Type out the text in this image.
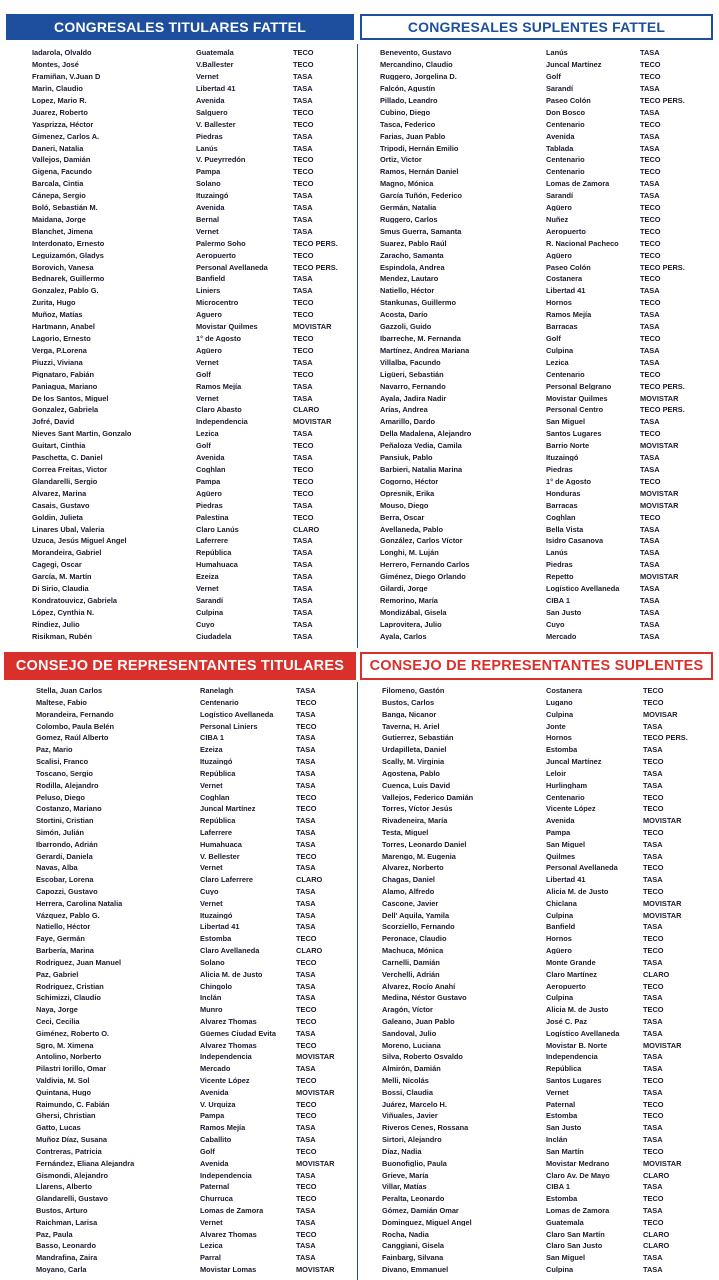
CONGRESALES TITULARES FATTEL	CONGRESALES SUPLENTES FATTEL
Iadarola, Olvaldo	Guatemala	TECO
Montes, José	V.Ballester	TECO
Framiñan, V.Juan D	Vernet	TASA
Marin, Claudio	Libertad 41	TASA
Lopez, Mario R.	Avenida	TASA
Juarez, Roberto	Salguero	TECO
Yasprizza, Héctor	V. Ballester	TECO
Gimenez, Carlos A.	Piedras	TASA
Daneri, Natalia	Lanús	TASA
Vallejos, Damián	V. Pueyrredón	TECO
Gigena, Facundo	Pampa	TECO
Barcala, Cintia	Solano	TECO
Cánepa, Sergio	Ituzaingó	TASA
Boló, Sebastián M.	Avenida	TASA
Maidana, Jorge	Bernal	TASA
Blanchet, Jimena	Vernet	TASA
Interdonato, Ernesto	Palermo Soho	TECO PERS.
Leguizamón, Gladys	Aeropuerto	TECO
Borovich, Vanesa	Personal Avellaneda	TECO PERS.
Bednarek, Guillermo	Banfield	TASA
Gonzalez, Pablo G.	Liniers	TASA
Zurita, Hugo	Microcentro	TECO
Muñoz, Matías	Aguero	TECO
Hartmann, Anabel	Movistar Quilmes	MOVISTAR
Lagorio, Ernesto	1° de Agosto	TECO
Verga, P.Lorena	Agüero	TECO
Piuzzi, Viviana	Vernet	TASA
Pignataro, Fabián	Golf	TECO
Paniagua, Mariano	Ramos Mejía	TASA
De los Santos, Miguel	Vernet	TASA
Gonzalez, Gabriela	Claro Abasto	CLARO
Jofré, David	Independencia	MOVISTAR
Nieves Sant Martin, Gonzalo	Lezica	TASA
Guitart, Cinthia	Golf	TECO
Paschetta, C. Daniel	Avenida	TASA
Correa Freitas, Victor	Coghlan	TECO
Glandarelli, Sergio	Pampa	TECO
Alvarez, Marina	Agüero	TECO
Casais, Gustavo	Piedras	TASA
Goldin, Julieta	Palestina	TECO
Linares Ubal, Valeria	Claro Lanús	CLARO
Uzuca, Jesús Miguel Angel	Laferrere	TASA
Morandeira, Gabriel	República	TASA
Cagegi, Oscar	Humahuaca	TASA
García, M. Martín	Ezeiza	TASA
Di Sirio, Claudia	Vernet	TASA
Kondratouvicz, Gabriela	Sarandí	TASA
López, Cynthia N.	Culpina	TASA
Rindiez, Julio	Cuyo	TASA
Risikman, Rubén	Ciudadela	TASA
Benevento, Gustavo	Lanús	TASA
Mercandino, Claudio	Juncal Martínez	TECO
Ruggero, Jorgelina D.	Golf	TECO
Falcón, Agustín	Sarandí	TASA
Pillado, Leandro	Paseo Colón	TECO PERS.
Cubino, Diego	Don Bosco	TASA
Tasca, Federico	Centenario	TECO
Farias, Juan Pablo	Avenida	TASA
Tripodi, Hernán Emilio	Tablada	TASA
Ortiz, Victor	Centenario	TECO
Ramos, Hernán Daniel	Centenario	TECO
Magno, Mónica	Lomas de Zamora	TASA
García Tuñón, Federico	Sarandí	TASA
Germán, Natalia	Agüero	TECO
Ruggero, Carlos	Nuñez	TECO
Smus Guerra, Samanta	Aeropuerto	TECO
Suarez, Pablo Raúl	R. Nacional Pacheco	TECO
Zaracho, Samanta	Agüero	TECO
Espindola, Andrea	Paseo Colón	TECO PERS.
Mendez, Lautaro	Costanera	TECO
Natiello, Héctor	Libertad 41	TASA
Stankunas, Guillermo	Hornos	TECO
Acosta, Darío	Ramos Mejía	TASA
Gazzoli, Guido	Barracas	TASA
Ibarreche, M. Fernanda	Golf	TECO
Martínez, Andrea Mariana	Culpina	TASA
Villalba, Facundo	Lezica	TASA
Ligüeri, Sebastián	Centenario	TECO
Navarro, Fernando	Personal Belgrano	TECO PERS.
Ayala, Jadira Nadir	Movistar Quilmes	MOVISTAR
Arias, Andrea	Personal Centro	TECO PERS.
Amarillo, Dardo	San Miguel	TASA
Della Madalena, Alejandro	Santos Lugares	TECO
Peñaloza Vedia, Camila	Barrio Norte	MOVISTAR
Pansiuk, Pablo	Ituzaingó	TASA
Barbieri, Natalia Marina	Piedras	TASA
Cogorno, Héctor	1° de Agosto	TECO
Opresnik, Erika	Honduras	MOVISTAR
Mouso, Diego	Barracas	MOVISTAR
Berra, Oscar	Coghlan	TECO
Avellaneda, Pablo	Bella Vista	TASA
González, Carlos Víctor	Isidro Casanova	TASA
Longhi, M. Luján	Lanús	TASA
Herrero, Fernando Carlos	Piedras	TASA
Giménez, Diego Orlando	Repetto	MOVISTAR
Gilardi, Jorge	Logístico Avellaneda	TASA
Remorino, María	CIBA 1	TASA
Mondizábal, Gisela	San Justo	TASA
Laprovitera, Julio	Cuyo	TASA
Ayala, Carlos	Mercado	TASA
CONSEJO DE REPRESENTANTES TITULARES	CONSEJO DE REPRESENTANTES SUPLENTES
Stella, Juan Carlos	Ranelagh	TASA
Maltese, Fabio	Centenario	TECO
Morandeira, Fernando	Logístico Avellaneda	TASA
Colombo, Paula Belén	Personal Liniers	TECO
Gomez, Raúl Alberto	CIBA 1	TASA
Paz, Mario	Ezeiza	TASA
Scalisi, Franco	Ituzaingó	TASA
Toscano, Sergio	República	TASA
Rodilla, Alejandro	Vernet	TASA
Peluso, Diego	Coghlan	TECO
Costanzo, Mariano	Juncal Martínez	TECO
Stortini, Cristian	República	TASA
Simón, Julián	Laferrere	TASA
Ibarrondo, Adrián	Humahuaca	TASA
Gerardi, Daniela	V. Bellester	TECO
Navas, Alba	Vernet	TASA
Escobar, Lorena	Claro Laferrere	CLARO
Capozzi, Gustavo	Cuyo	TASA
Herrera, Carolina Natalia	Vernet	TASA
Vázquez, Pablo G.	Ituzaingó	TASA
Natiello, Héctor	Libertad 41	TASA
Faye, Germán	Estomba	TECO
Barbería, Marina	Claro Avellaneda	CLARO
Rodriguez, Juan Manuel	Solano	TECO
Paz, Gabriel	Alicia M. de Justo	TASA
Rodriguez, Cristian	Chingolo	TASA
Schimizzi, Claudio	Inclán	TASA
Naya, Jorge	Munro	TECO
Ceci, Cecilia	Alvarez Thomas	TECO
Giménez, Roberto O.	Güemes Ciudad Evita	TASA
Sgro, M. Ximena	Alvarez Thomas	TECO
Antolino, Norberto	Independencia	MOVISTAR
Pilastri Iorillo, Omar	Mercado	TASA
Valdivia, M. Sol	Vicente López	TECO
Quintana, Hugo	Avenida	MOVISTAR
Raimundo, C. Fabián	V. Urquiza	TECO
Ghersi, Christian	Pampa	TECO
Gatto, Lucas	Ramos Mejía	TASA
Muñoz Díaz, Susana	Caballito	TASA
Contreras, Patricia	Golf	TECO
Fernández, Eliana Alejandra	Avenida	MOVISTAR
Gismondi, Alejandro	Independencia	TASA
Llarens, Alberto	Paternal	TECO
Glandarelli, Gustavo	Churruca	TECO
Bustos, Arturo	Lomas de Zamora	TASA
Raichman, Larisa	Vernet	TASA
Paz, Paula	Alvarez Thomas	TECO
Basso, Leonardo	Lezica	TASA
Mandrafina, Zaira	Parral	TASA
Moyano, Carla	Movistar Lomas	MOVISTAR
Filomeno, Gastón	Costanera	TECO
Bustos, Carlos	Lugano	TECO
Banga, Nicanor	Culpina	MOVISAR
Taverna, H. Ariel	Jonte	TASA
Gutierrez, Sebastián	Hornos	TECO PERS.
Urdapilleta, Daniel	Estomba	TASA
Scally, M. Virginia	Juncal Martínez	TECO
Agostena, Pablo	Leloir	TASA
Cuenca, Luis David	Hurlingham	TASA
Vallejos, Federico Damián	Centenario	TECO
Torres, Víctor Jesús	Vicente López	TECO
Rivadeneira, María	Avenida	MOVISTAR
Testa, Miguel	Pampa	TECO
Torres, Leonardo Daniel	San Miguel	TASA
Marengo, M. Eugenia	Quilmes	TASA
Alvarez, Norberto	Personal Avellaneda	TECO
Chagas, Daniel	Libertad 41	TASA
Alamo, Alfredo	Alicia M. de Justo	TECO
Cascone, Javier	Chiclana	MOVISTAR
Dell' Aquila, Yamila	Culpina	MOVISTAR
Scorziello, Fernando	Banfield	TASA
Peronace, Claudio	Hornos	TECO
Machuca, Mónica	Agüero	TECO
Carnelli, Damián	Monte Grande	TASA
Verchelli, Adrián	Claro Martínez	CLARO
Alvarez, Rocío Anahí	Aeropuerto	TECO
Medina, Néstor Gustavo	Culpina	TASA
Aragón, Víctor	Alicia M. de Justo	TECO
Galeano, Juan Pablo	José C. Paz	TASA
Sandoval, Julio	Logístico Avellaneda	TASA
Moreno, Luciana	Movistar B. Norte	MOVISTAR
Silva, Roberto Osvaldo	Independencia	TASA
Almirón, Damián	República	TASA
Melli, Nicolás	Santos Lugares	TECO
Bossi, Claudia	Vernet	TASA
Juárez, Marcelo H.	Paternal	TECO
Viñuales, Javier	Estomba	TECO
Riveros Cenes, Rossana	San Justo	TASA
Sirtori, Alejandro	Inclán	TASA
Díaz, Nadia	San Martín	TECO
Buonofiglio, Paula	Movistar Medrano	MOVISTAR
Grieve, María	Claro Av. De Mayo	CLARO
Villar, Matías	CIBA 1	TASA
Peralta, Leonardo	Estomba	TECO
Gómez, Damián Omar	Lomas de Zamora	TASA
Dominguez, Miguel Angel	Guatemala	TECO
Rocha, Nadia	Claro San Martín	CLARO
Canggiani, Gisela	Claro San Justo	CLARO
Fainbarg, Silvana	San Miguel	TASA
Divano, Emmanuel	Culpina	TASA
